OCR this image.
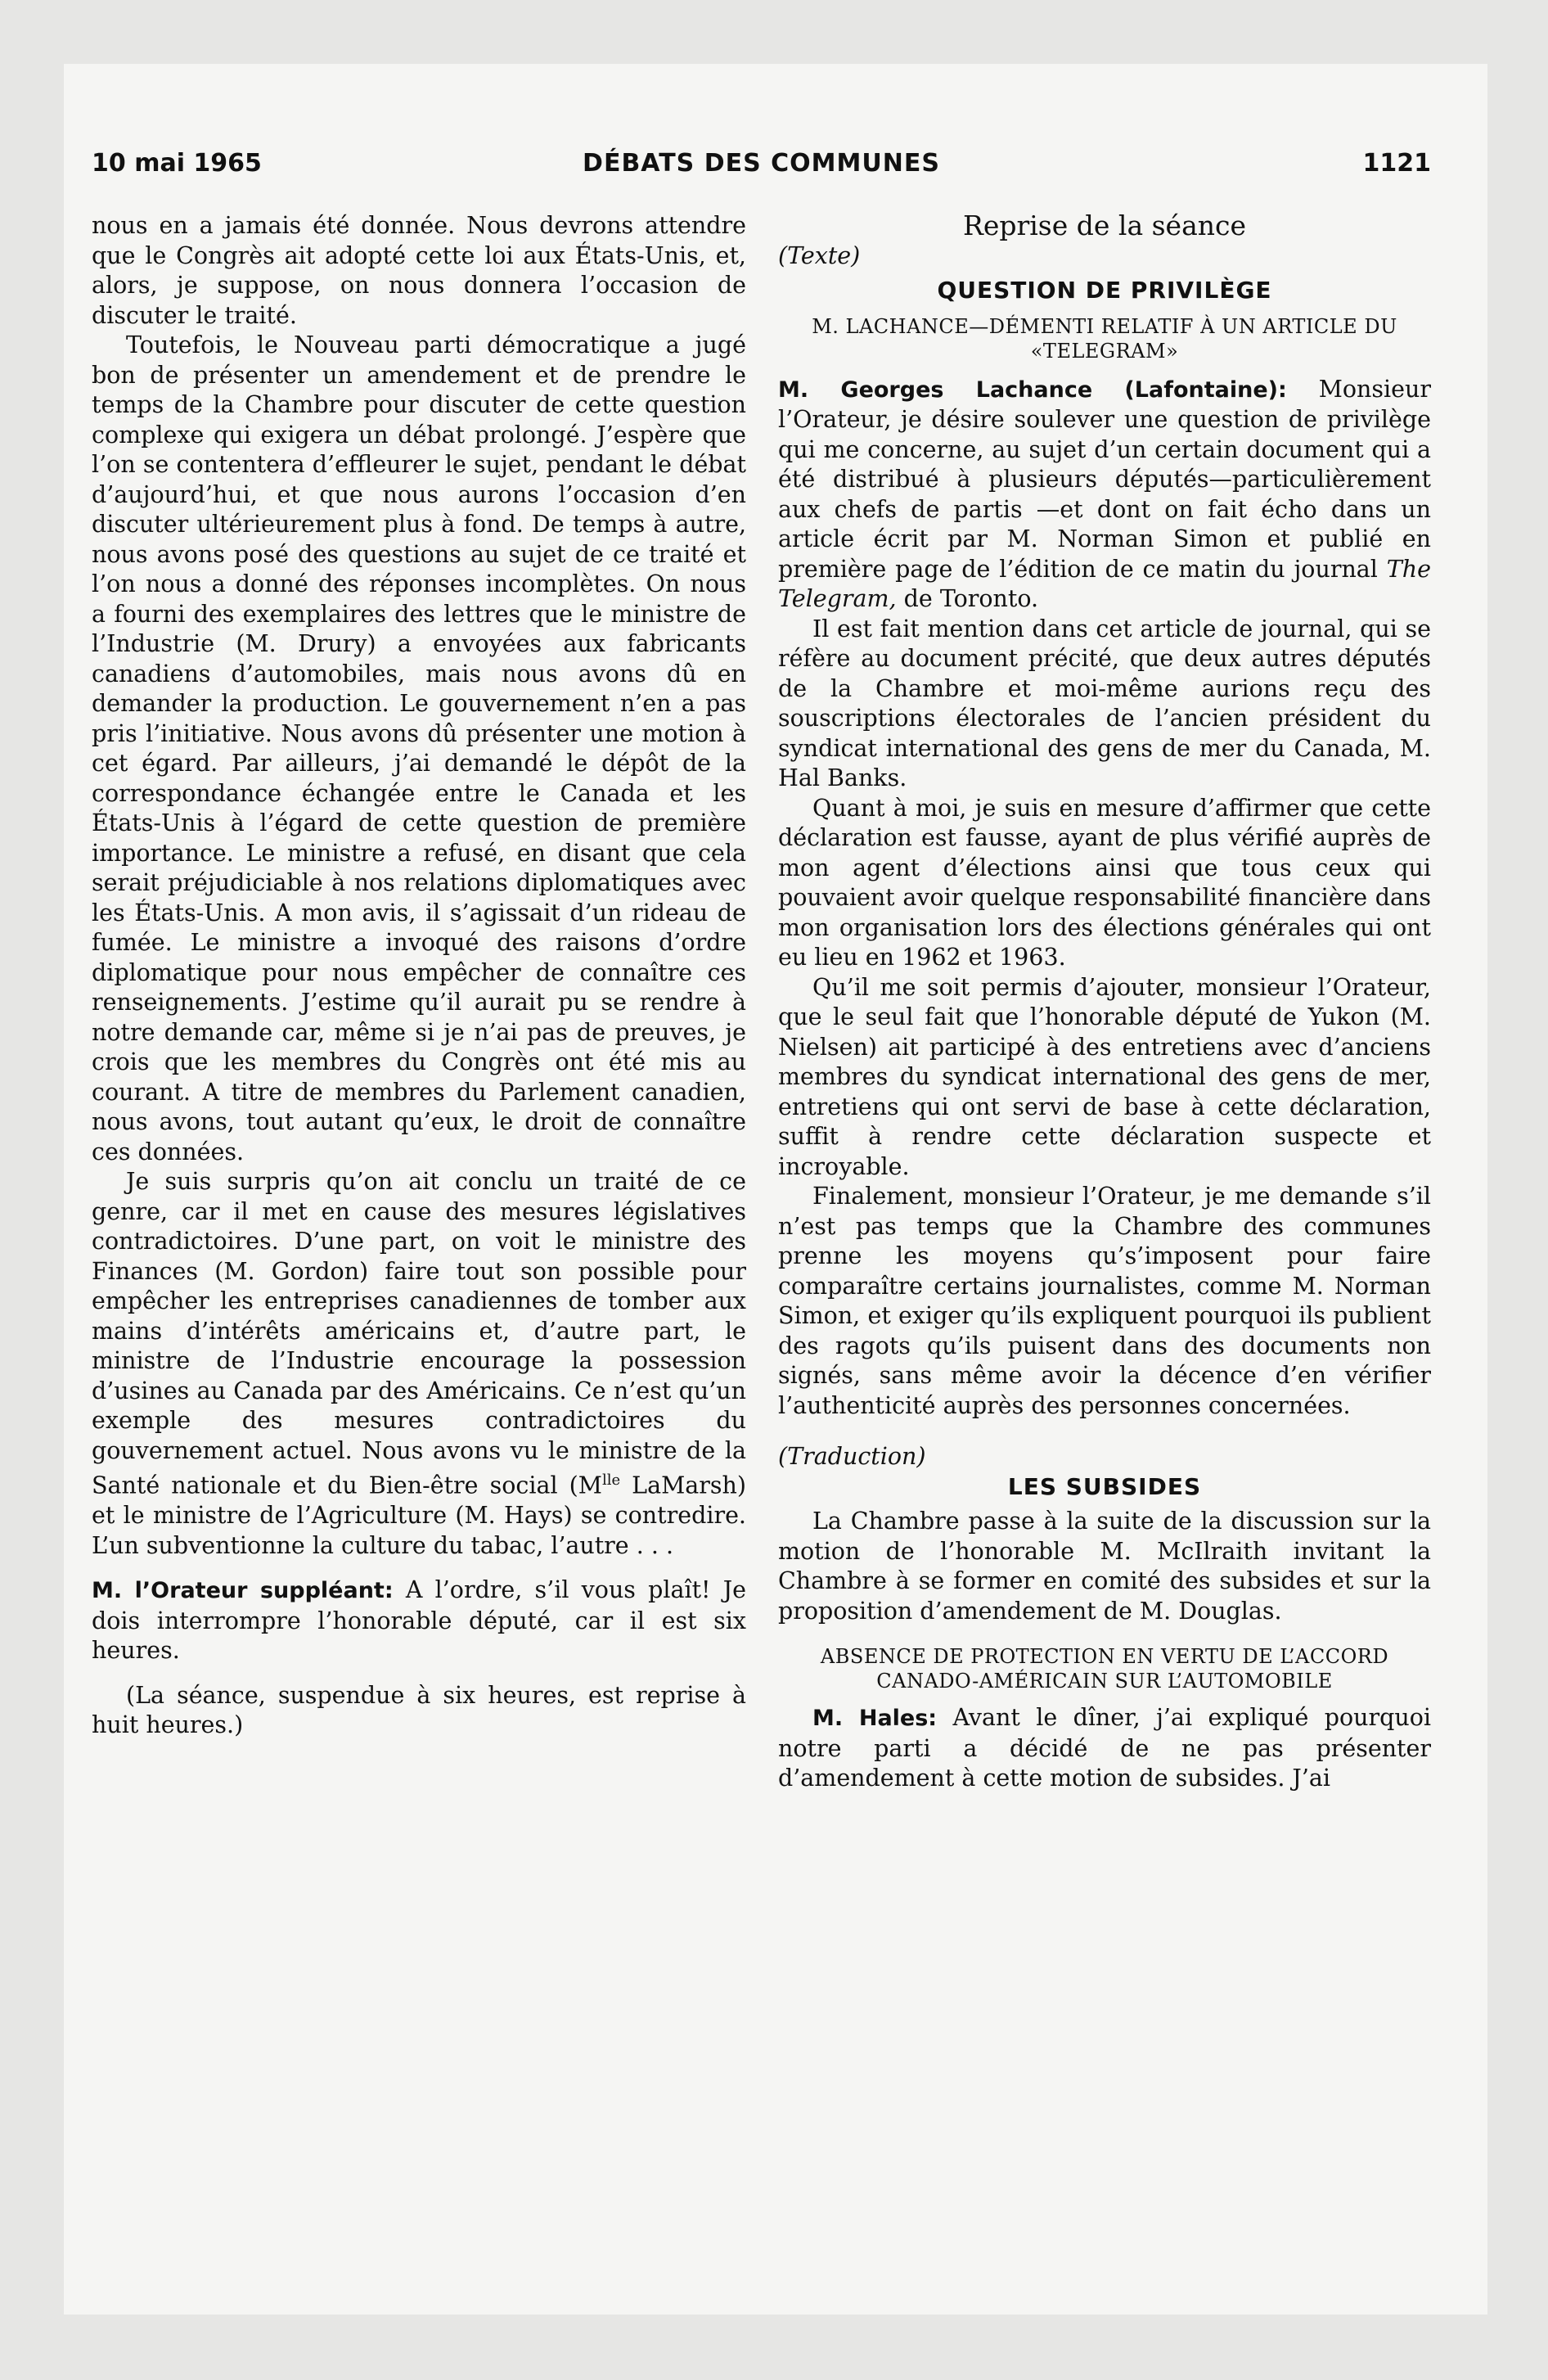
10 mai 1965	DÉBATS DES COMMUNES	1121

nous en a jamais été donnée. Nous devrons attendre que le Congrès ait adopté cette loi aux États-Unis, et, alors, je suppose, on nous donnera l’occasion de discuter le traité.

Toutefois, le Nouveau parti démocratique a jugé bon de présenter un amendement et de prendre le temps de la Chambre pour discuter de cette question complexe qui exigera un débat prolongé. J’espère que l’on se contentera d’effleurer le sujet, pendant le débat d’aujourd’hui, et que nous aurons l’occasion d’en discuter ultérieurement plus à fond. De temps à autre, nous avons posé des questions au sujet de ce traité et l’on nous a donné des réponses incomplètes. On nous a fourni des exemplaires des lettres que le ministre de l’Industrie (M. Drury) a envoyées aux fabricants canadiens d’automobiles, mais nous avons dû en demander la production. Le gouvernement n’en a pas pris l’initiative. Nous avons dû présenter une motion à cet égard. Par ailleurs, j’ai demandé le dépôt de la correspondance échangée entre le Canada et les États-Unis à l’égard de cette question de première importance. Le ministre a refusé, en disant que cela serait préjudiciable à nos relations diplomatiques avec les États-Unis. A mon avis, il s’agissait d’un rideau de fumée. Le ministre a invoqué des raisons d’ordre diplomatique pour nous empêcher de connaître ces renseignements. J’estime qu’il aurait pu se rendre à notre demande car, même si je n’ai pas de preuves, je crois que les membres du Congrès ont été mis au courant. A titre de membres du Parlement canadien, nous avons, tout autant qu’eux, le droit de connaître ces données.

Je suis surpris qu’on ait conclu un traité de ce genre, car il met en cause des mesures législatives contradictoires. D’une part, on voit le ministre des Finances (M. Gordon) faire tout son possible pour empêcher les entreprises canadiennes de tomber aux mains d’intérêts américains et, d’autre part, le ministre de l’Industrie encourage la possession d’usines au Canada par des Américains. Ce n’est qu’un exemple des mesures contradictoires du gouvernement actuel. Nous avons vu le ministre de la Santé nationale et du Bien-être social ($M^{lle}$ LaMarsh) et le ministre de l’Agriculture (M. Hays) se contredire. L’un subventionne la culture du tabac, l’autre . . .

M. l’Orateur suppléant: A l’ordre, s’il vous plaît! Je dois interrompre l’honorable député, car il est six heures.

(La séance, suspendue à six heures, est reprise à huit heures.)

Reprise de la séance

(Texte)

QUESTION DE PRIVILÈGE

M. LACHANCE—DÉMENTI RELATIF À UN ARTICLE DU «TELEGRAM»

M. Georges Lachance (Lafontaine): Monsieur l’Orateur, je désire soulever une question de privilège qui me concerne, au sujet d’un certain document qui a été distribué à plusieurs députés—particulièrement aux chefs de partis —et dont on fait écho dans un article écrit par M. Norman Simon et publié en première page de l’édition de ce matin du journal The Telegram, de Toronto.

Il est fait mention dans cet article de journal, qui se réfère au document précité, que deux autres députés de la Chambre et moi-même aurions reçu des souscriptions électorales de l’ancien président du syndicat international des gens de mer du Canada, M. Hal Banks.

Quant à moi, je suis en mesure d’affirmer que cette déclaration est fausse, ayant de plus vérifié auprès de mon agent d’élections ainsi que tous ceux qui pouvaient avoir quelque responsabilité financière dans mon organisation lors des élections générales qui ont eu lieu en 1962 et 1963.

Qu’il me soit permis d’ajouter, monsieur l’Orateur, que le seul fait que l’honorable député de Yukon (M. Nielsen) ait participé à des entretiens avec d’anciens membres du syndicat international des gens de mer, entretiens qui ont servi de base à cette déclaration, suffit à rendre cette déclaration suspecte et incroyable.

Finalement, monsieur l’Orateur, je me demande s’il n’est pas temps que la Chambre des communes prenne les moyens qu’s’imposent pour faire comparaître certains journalistes, comme M. Norman Simon, et exiger qu’ils expliquent pourquoi ils publient des ragots qu’ils puisent dans des documents non signés, sans même avoir la décence d’en vérifier l’authenticité auprès des personnes concernées.

(Traduction)

LES SUBSIDES

La Chambre passe à la suite de la discussion sur la motion de l’honorable M. McIlraith invitant la Chambre à se former en comité des subsides et sur la proposition d’amendement de M. Douglas.

ABSENCE DE PROTECTION EN VERTU DE L’ACCORD CANADO-AMÉRICAIN SUR L’AUTOMOBILE

M. Hales: Avant le dîner, j’ai expliqué pourquoi notre parti a décidé de ne pas présenter d’amendement à cette motion de subsides. J’ai
